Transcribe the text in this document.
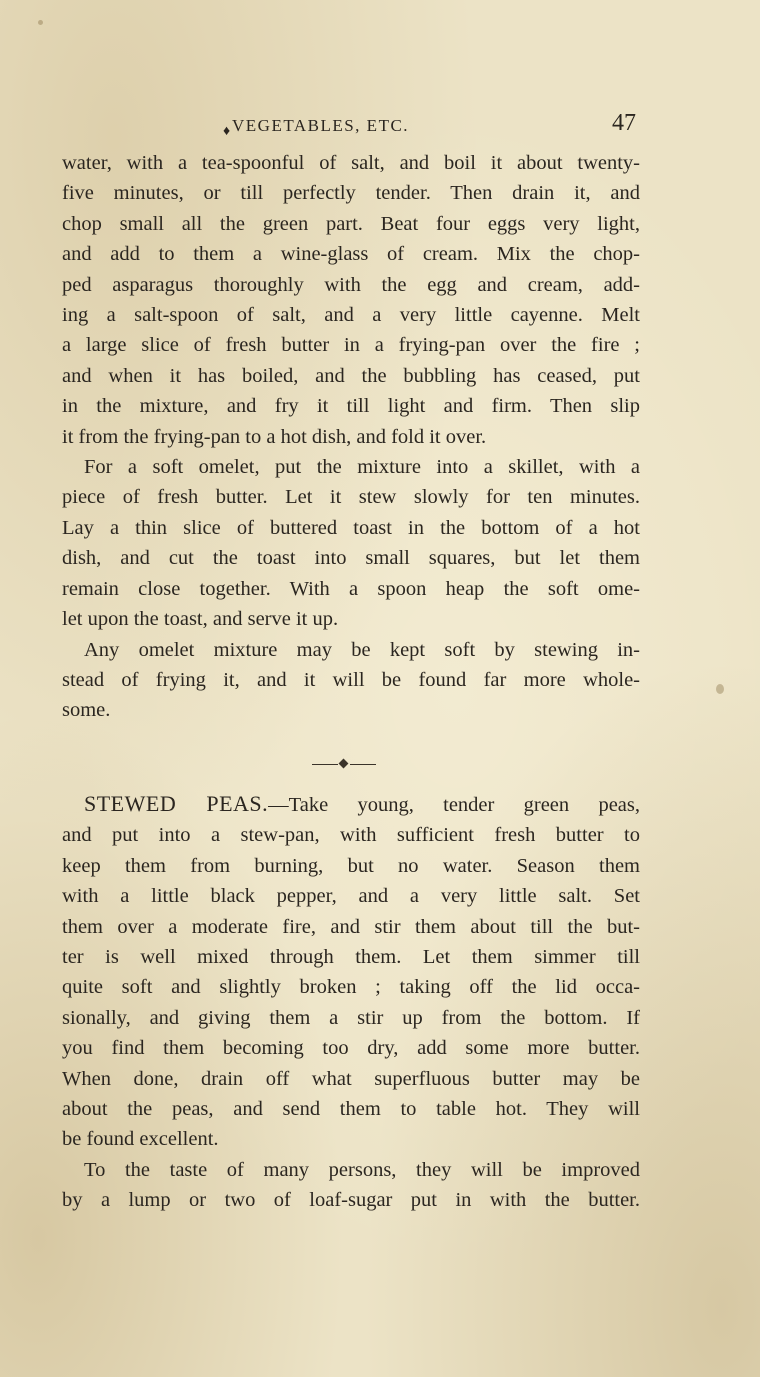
♦ VEGETABLES, ETC.	47
water, with a tea-spoonful of salt, and boil it about twenty-
five minutes, or till perfectly tender. Then drain it, and
chop small all the green part. Beat four eggs very light,
and add to them a wine-glass of cream. Mix the chop-
ped asparagus thoroughly with the egg and cream, add-
ing a salt-spoon of salt, and a very little cayenne. Melt
a large slice of fresh butter in a frying-pan over the fire ;
and when it has boiled, and the bubbling has ceased, put
in the mixture, and fry it till light and firm. Then slip
it from the frying-pan to a hot dish, and fold it over.
For a soft omelet, put the mixture into a skillet, with a
piece of fresh butter. Let it stew slowly for ten minutes.
Lay a thin slice of buttered toast in the bottom of a hot
dish, and cut the toast into small squares, but let them
remain close together. With a spoon heap the soft ome-
let upon the toast, and serve it up.
Any omelet mixture may be kept soft by stewing in-
stead of frying it, and it will be found far more whole-
some.
STEWED PEAS.—Take young, tender green peas,
and put into a stew-pan, with sufficient fresh butter to
keep them from burning, but no water. Season them
with a little black pepper, and a very little salt. Set
them over a moderate fire, and stir them about till the but-
ter is well mixed through them. Let them simmer till
quite soft and slightly broken ; taking off the lid occa-
sionally, and giving them a stir up from the bottom. If
you find them becoming too dry, add some more butter.
When done, drain off what superfluous butter may be
about the peas, and send them to table hot. They will
be found excellent.
To the taste of many persons, they will be improved
by a lump or two of loaf-sugar put in with the butter.
